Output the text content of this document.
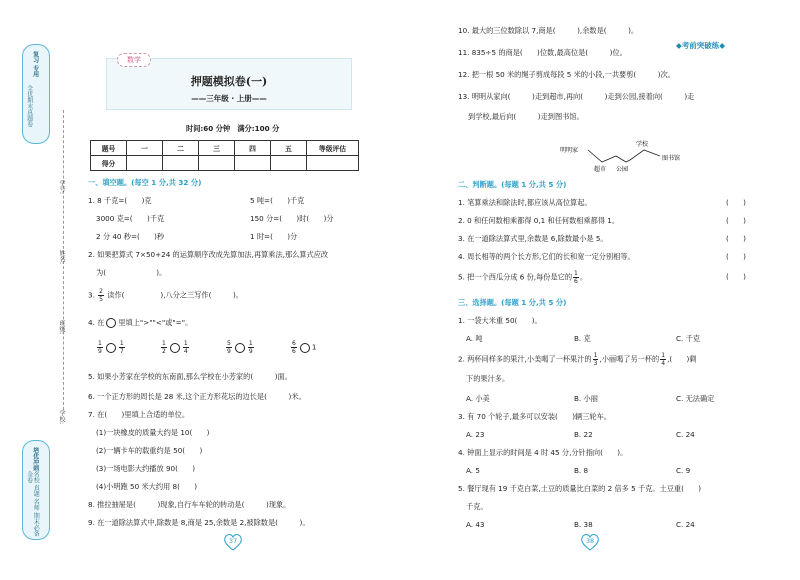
复习 专用
全优期末真题卷
培优冲刺
名校 真题 名师 期末必备 金卷
学号:
姓名:
班级:
学校:
数学
押题模拟卷(一)
——三年级 · 上册——
时间:60 分钟　满分:100 分
◆考前突破练◆
题号	一	二	三	四	五	等级评估
得分						
一、填空题。(每空 1 分,共 32 分)
1. 8 千克=(　　)克	5 吨=(　　)千克
3000 克=(　　)千克	150 分=(　　)时(　　)分
2 分 40 秒=(　　)秒	1 时=(　　)分
2. 如果把算式 7×50+24 的运算顺序改成先算加法,再算乘法,那么算式应改
为(　　　　　　　)。
3. $\frac{2}{5}$ 读作(　　　　　),八分之三写作(　　　)。
4. 在 里填上">""<"或"="。
$\frac{1}{9}$	$\frac{1}{7}$	$\frac{1}{2}$	$\frac{1}{4}$	$\frac{5}{9}$	$\frac{1}{9}$	$\frac{6}{6} 1$
5. 如果小芳家在学校的东南面,那么学校在小芳家的(　　　)面。
6. 一个正方形的周长是 28 米,这个正方形花坛的边长是(　　　)米。
7. 在(　　)里填上合适的单位。
(1)一块橡皮的质量大约是 10(　　)
(2)一辆卡车的载重约是 50(　　)
(3)一场电影大约播放 90(　　)
(4)小明跑 50 米大约用 8(　　)
8. 推拉抽屉是(　　　)现象,自行车车轮的转动是(　　　)现象。
9. 在一道除法算式中,除数是 8,商是 25,余数是 2,被除数是(　　　)。
37
10. 最大的三位数除以 7,商是(　　　),余数是(　　　)。
11. 835÷5 的商是(　　)位数,最高位是(　　　)位。
12. 把一根 50 米的绳子剪成每段 5 米的小段,一共要剪(　　　)次。
13. 明明从家向(　　　)走到超市,再向(　　　)走到公园,接着向(　　　)走
到学校,最后向(　　　)走到图书馆。
明明家
超市 公园
学校
图书馆
二、判断题。(每题 1 分,共 5 分)
1. 笔算乘法和除法时,都应该从高位算起。	(　　)
2. 0 和任何数相乘都得 0,1 和任何数相乘都得 1。	(　　)
3. 在一道除法算式里,余数是 6,除数最小是 5。	(　　)
4. 周长相等的两个长方形,它们的长和宽一定分别相等。	(　　)
5. 把一个西瓜分成 6 份,每份是它的 $\frac{1}{6}$ 。	(　　)
三、选择题。(每题 1 分,共 5 分)
1. 一袋大米重 50(　　)。
A. 吨	B. 克	C. 千克
2. 两杯同样多的果汁,小美喝了一杯果汁的 $\frac{1}{3}$ ,小丽喝了另一杯的 $\frac{1}{4}$ ,(　　)剩
下的果汁多。
A. 小美	B. 小丽	C. 无法确定
3. 有 70 个轮子,最多可以安装(　　)辆三轮车。
A. 23	B. 22	C. 24
4. 钟面上显示的时间是 4 时 45 分,分针指向(　　)。
A. 5	B. 8	C. 9
5. 餐厅现有 19 千克白菜,土豆的质量比白菜的 2 倍多 5 千克。土豆重(　　)
千克。
A. 43	B. 38	C. 24
38
